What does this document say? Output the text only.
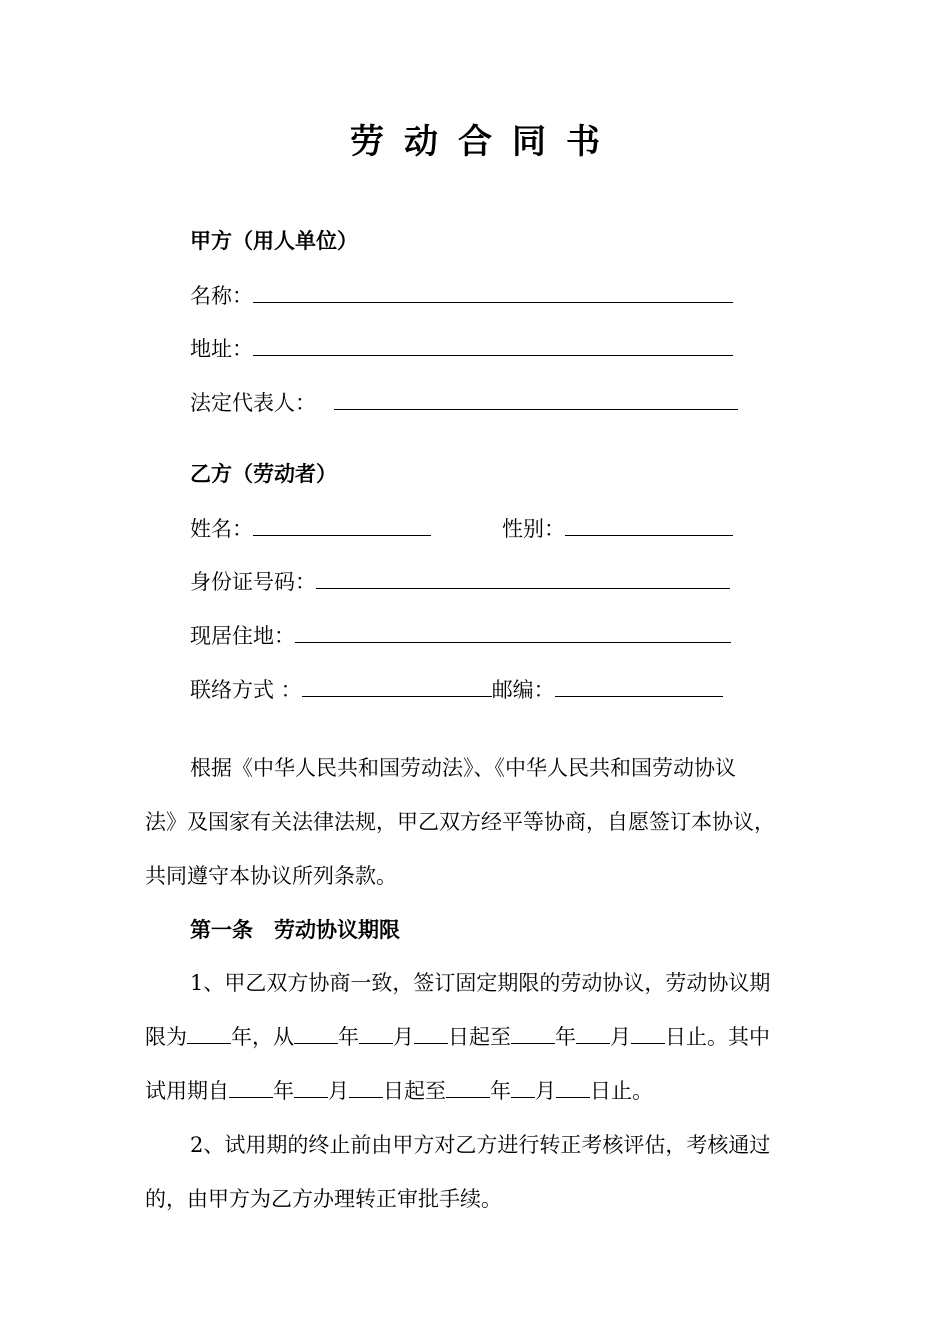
劳动合同书
甲方（用人单位）
名称：
地址：
法定代表人：
乙方（劳动者）
姓名：	性别：
身份证号码：
现居住地：
联络方式 ：	邮编：
根据《中华人民共和国劳动法》、《中华人民共和国劳动协议
法》及国家有关法律法规，甲乙双方经平等协商，自愿签订本协议，
共同遵守本协议所列条款。
第一条　劳动协议期限
1、甲乙双方协商一致，签订固定期限的劳动协议，劳动协议期
限为 年，从 年 月 日起至 年 月 日止。其中
试用期自 年 月 日起至 年 月 日止。
2、试用期的终止前由甲方对乙方进行转正考核评估，考核通过
的，由甲方为乙方办理转正审批手续。
